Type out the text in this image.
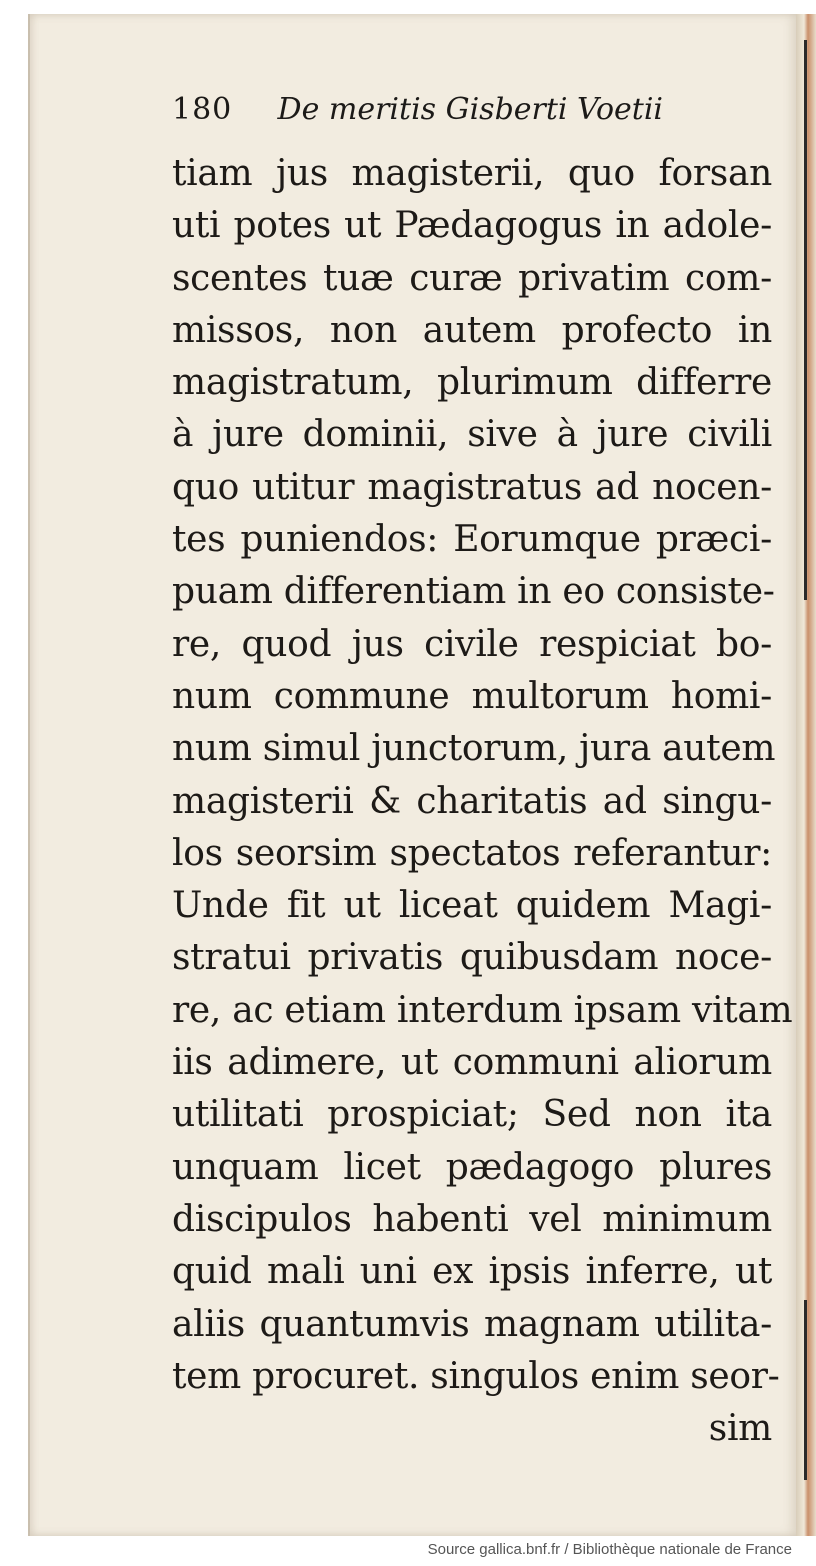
180 De meritis Gisberti Voetii
tiam jus magisterii, quo forsan
uti potes ut Pædagogus in adole-
scentes tuæ curæ privatim com-
missos, non autem profecto in
magistratum, plurimum differre
à jure dominii, sive à jure civili
quo utitur magistratus ad nocen-
tes puniendos: Eorumque præci-
puam differentiam in eo consiste-
re, quod jus civile respiciat bo-
num commune multorum homi-
num simul junctorum, jura autem
magisterii & charitatis ad singu-
los seorsim spectatos referantur:
Unde fit ut liceat quidem Magi-
stratui privatis quibusdam noce-
re, ac etiam interdum ipsam vitam
iis adimere, ut communi aliorum
utilitati prospiciat; Sed non ita
unquam licet pædagogo plures
discipulos habenti vel minimum
quid mali uni ex ipsis inferre, ut
aliis quantumvis magnam utilita-
tem procuret. singulos enim seor-
sim
Source gallica.bnf.fr / Bibliothèque nationale de France
